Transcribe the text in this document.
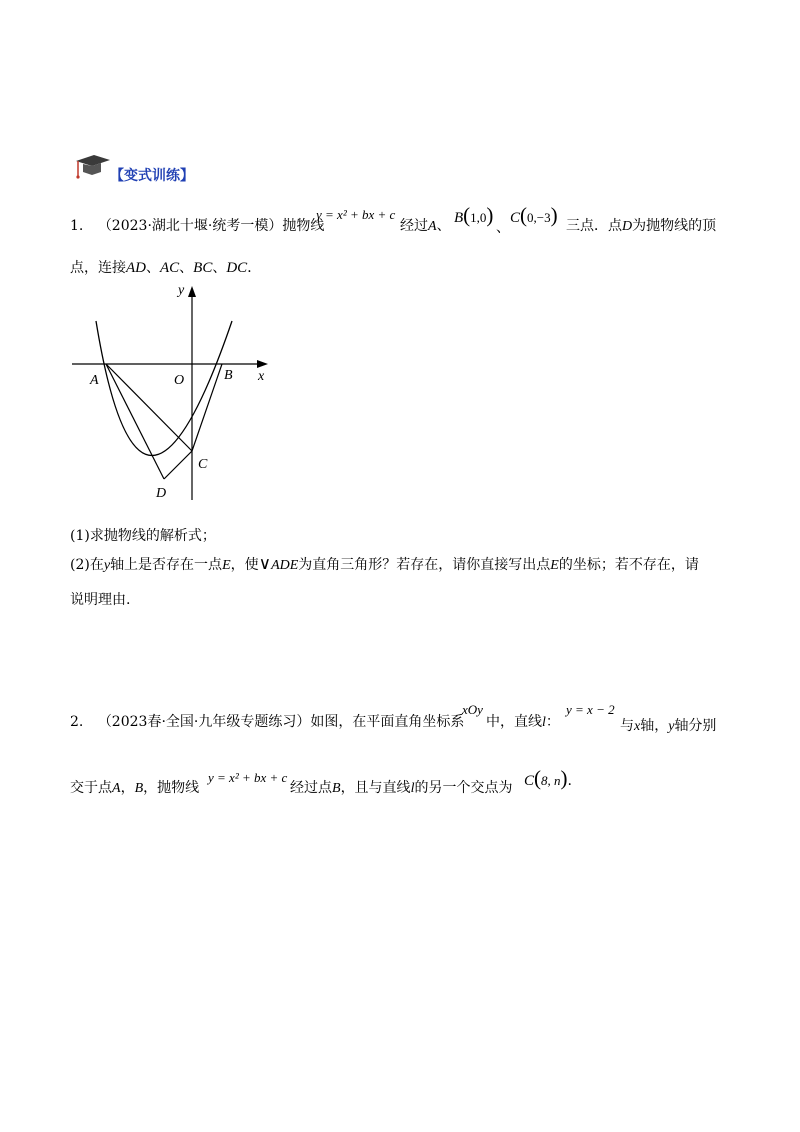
【变式训练】
1. （2023·湖北十堰·统考一模）抛物线
y = x² + bx + c
经过A、 B(1,0)
、
C(0,−3) 三点．点D为抛物线的顶
点，连接AD、AC、BC、DC．
y
x
A	O	B
C
D
(1)求抛物线的解析式；
(2)在y轴上是否存在一点E，使∨ADE为直角三角形？若存在，请你直接写出点E的坐标；若不存在，请
说明理由.
2. （2023春·全国·九年级专题练习）如图，在平面直角坐标系
xOy
中，直线l：
y = x − 2
与x轴，y轴分别
交于点A，B，抛物线
y = x² + bx + c
经过点B，且与直线l的另一个交点为 C(8, n).
